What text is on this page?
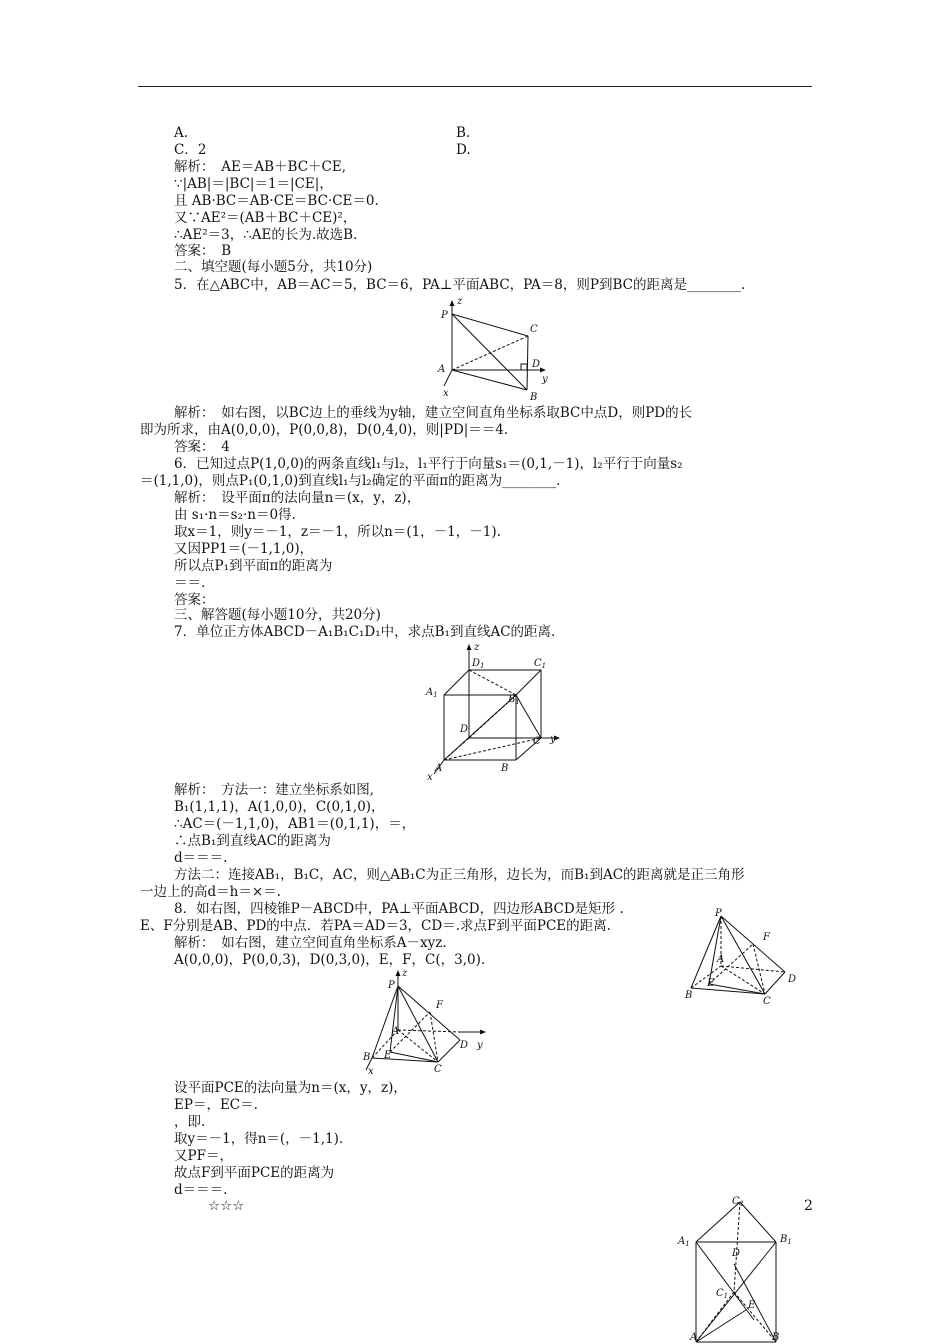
A.	B.
C．2	D.
解析：　AE＝AB＋BC＋CE,
∵|AB|＝|BC|＝1＝|CE|，
且 AB·BC＝AB·CE＝BC·CE＝0.
又∵AE²＝(AB＋BC＋CE)²，
∴AE²＝3，∴AE的长为.故选B.
答案：　B
二、填空题(每小题5分，共10分)
5．在△ABC中，AB＝AC＝5，BC＝6，PA⊥平面ABC，PA＝8，则P到BC的距离是________.
解析：　如右图，以BC边上的垂线为y轴，建立空间直角坐标系取BC中点D，则PD的长
即为所求，由A(0,0,0)，P(0,0,8)，D(0,4,0)，则|PD|＝＝4.
答案：　4
6．已知过点P(1,0,0)的两条直线l₁与l₂，l₁平行于向量s₁＝(0,1,－1)，l₂平行于向量s₂
＝(1,1,0)，则点P₁(0,1,0)到直线l₁与l₂确定的平面π的距离为________.
解析：　设平面π的法向量n＝(x，y，z)，
由 s₁·n＝s₂·n＝0得.
取x＝1，则y＝－1，z＝－1，所以n＝(1，－1，－1).
又因PP1＝(－1,1,0)，
所以点P₁到平面π的距离为
＝＝.
答案：
三、解答题(每小题10分，共20分)
7．单位正方体ABCD－A₁B₁C₁D₁中，求点B₁到直线AC的距离.
解析：　方法一：建立坐标系如图,
B₁(1,1,1)，A(1,0,0)，C(0,1,0)，
∴AC＝(－1,1,0)，AB1＝(0,1,1)，＝，
∴点B₁到直线AC的距离为
d＝＝＝.
方法二：连接AB₁，B₁C，AC，则△AB₁C为正三角形，边长为，而B₁到AC的距离就是正三角形
一边上的高d＝h＝×＝.
8．如右图，四棱锥P－ABCD中，PA⊥平面ABCD，四边形ABCD是矩形 .
E、F分别是AB、PD的中点．若PA＝AD＝3，CD＝.求点F到平面PCE的距离.
解析：　如右图，建立空间直角坐标系A－xyz.
A(0,0,0)，P(0,0,3)，D(0,3,0)，E，F，C(，3,0).
设平面PCE的法向量为n＝(x，y，z)，
EP＝，EC＝.
，即.
取y＝－1，得n＝(，－1,1).
又PF＝，
故点F到平面PCE的距离为
d＝＝＝.
☆☆☆
P
z
C
D
A
y
x	B
z
$D_1$	$C_1$
$A_1$	$B_1$
D
C y
A	B
x
P
F
A
D
B
E
C
z
P
F
A
D y
B E
C
x
$C_1$
$A_1$	$B_1$
D
E
$C_1$
A	B
2
